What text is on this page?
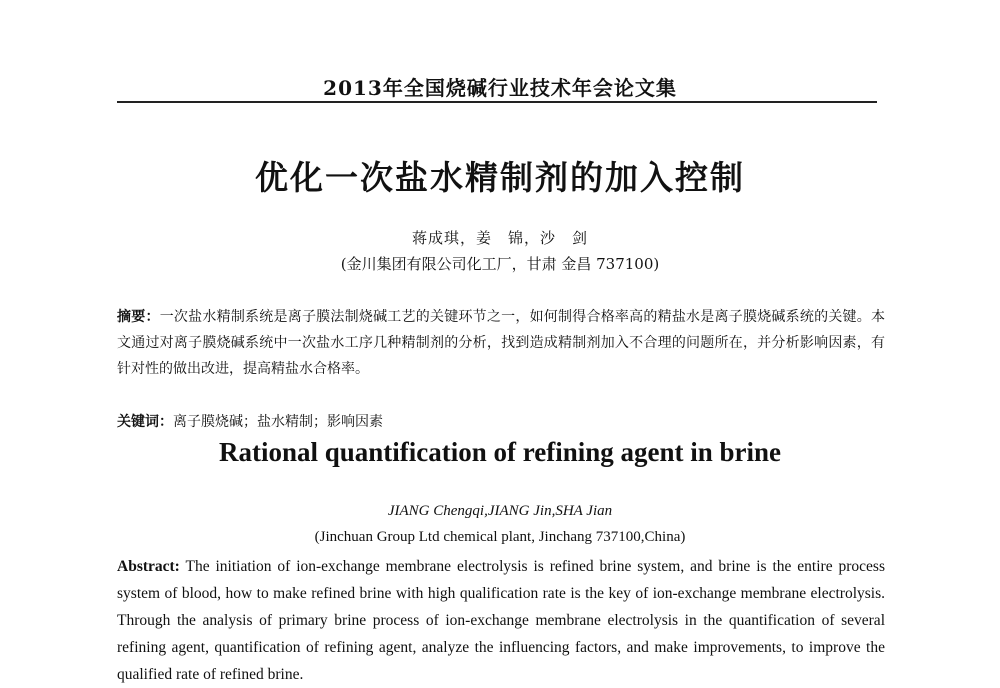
2013年全国烧碱行业技术年会论文集
优化一次盐水精制剂的加入控制
蒋成琪，姜　锦，沙　剑
(金川集团有限公司化工厂，甘肃 金昌 737100)
摘要：一次盐水精制系统是离子膜法制烧碱工艺的关键环节之一，如何制得合格率高的精盐水是离子膜烧碱系统的关键。本文通过对离子膜烧碱系统中一次盐水工序几种精制剂的分析，找到造成精制剂加入不合理的问题所在，并分析影响因素，有针对性的做出改进，提高精盐水合格率。
关键词：离子膜烧碱；盐水精制；影响因素
Rational quantification of refining agent in brine
JIANG Chengqi,JIANG Jin,SHA Jian
(Jinchuan Group Ltd chemical plant, Jinchang 737100,China)
Abstract: The initiation of ion-exchange membrane electrolysis is refined brine system, and brine is the entire process system of blood, how to make refined brine with high qualification rate is the key of ion-exchange membrane electrolysis. Through the analysis of primary brine process of ion-exchange membrane electrolysis in the quantification of several refining agent, quantification of refining agent, analyze the influencing factors, and make improvements, to improve the qualified rate of refined brine.
